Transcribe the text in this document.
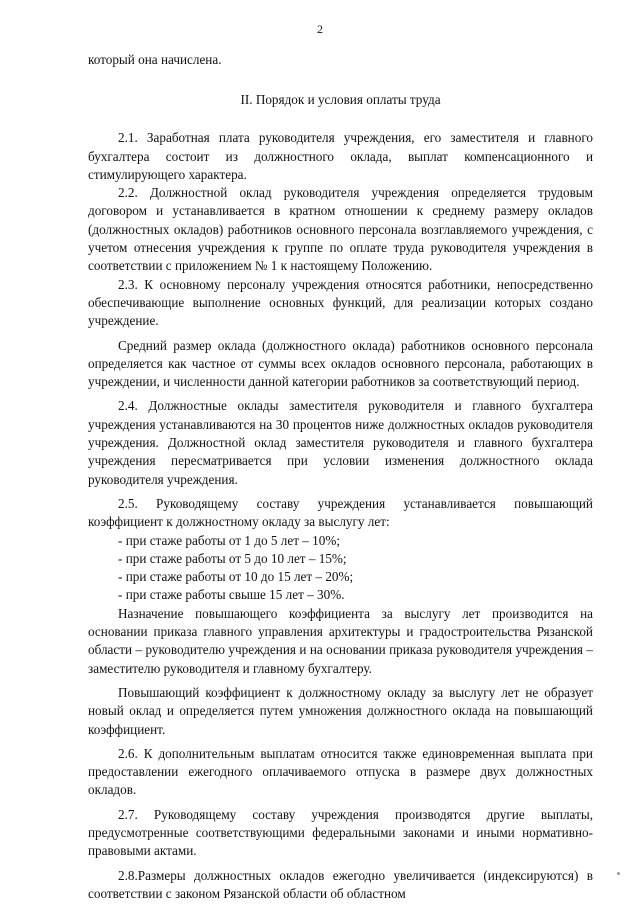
2

который она начислена.

II. Порядок и условия оплаты труда

2.1. Заработная плата руководителя учреждения, его заместителя и главного бухгалтера состоит из должностного оклада, выплат компенсационного и стимулирующего характера.

2.2. Должностной оклад руководителя учреждения определяется трудовым договором и устанавливается в кратном отношении к среднему размеру окладов (должностных окладов) работников основного персонала возглавляемого учреждения, с учетом отнесения учреждения к группе по оплате труда руководителя учреждения в соответствии с приложением № 1 к настоящему Положению.

2.3. К основному персоналу учреждения относятся работники, непосредственно обеспечивающие выполнение основных функций, для реализации которых создано учреждение.

Средний размер оклада (должностного оклада) работников основного персонала определяется как частное от суммы всех окладов основного персонала, работающих в учреждении, и численности данной категории работников за соответствующий период.

2.4. Должностные оклады заместителя руководителя и главного бухгалтера учреждения устанавливаются на 30 процентов ниже должностных окладов руководителя учреждения. Должностной оклад заместителя руководителя и главного бухгалтера учреждения пересматривается при условии изменения должностного оклада руководителя учреждения.

2.5. Руководящему составу учреждения устанавливается повышающий коэффициент к должностному окладу за выслугу лет:

- при стаже работы от 1 до 5 лет – 10%;

- при стаже работы от 5 до 10 лет – 15%;

- при стаже работы от 10 до 15 лет – 20%;

- при стаже работы свыше 15 лет – 30%.

Назначение повышающего коэффициента за выслугу лет производится на основании приказа главного управления архитектуры и градостроительства Рязанской области – руководителю учреждения и на основании приказа руководителя учреждения – заместителю руководителя и главному бухгалтеру.

Повышающий коэффициент к должностному окладу за выслугу лет не образует новый оклад и определяется путем умножения должностного оклада на повышающий коэффициент.

2.6. К дополнительным выплатам относится также единовременная выплата при предоставлении ежегодного оплачиваемого отпуска в размере двух должностных окладов.

2.7. Руководящему составу учреждения производятся другие выплаты, предусмотренные соответствующими федеральными законами и иными нормативно-правовыми актами.

2.8.Размеры должностных окладов ежегодно увеличивается (индексируются) в соответствии с законом Рязанской области об областном
